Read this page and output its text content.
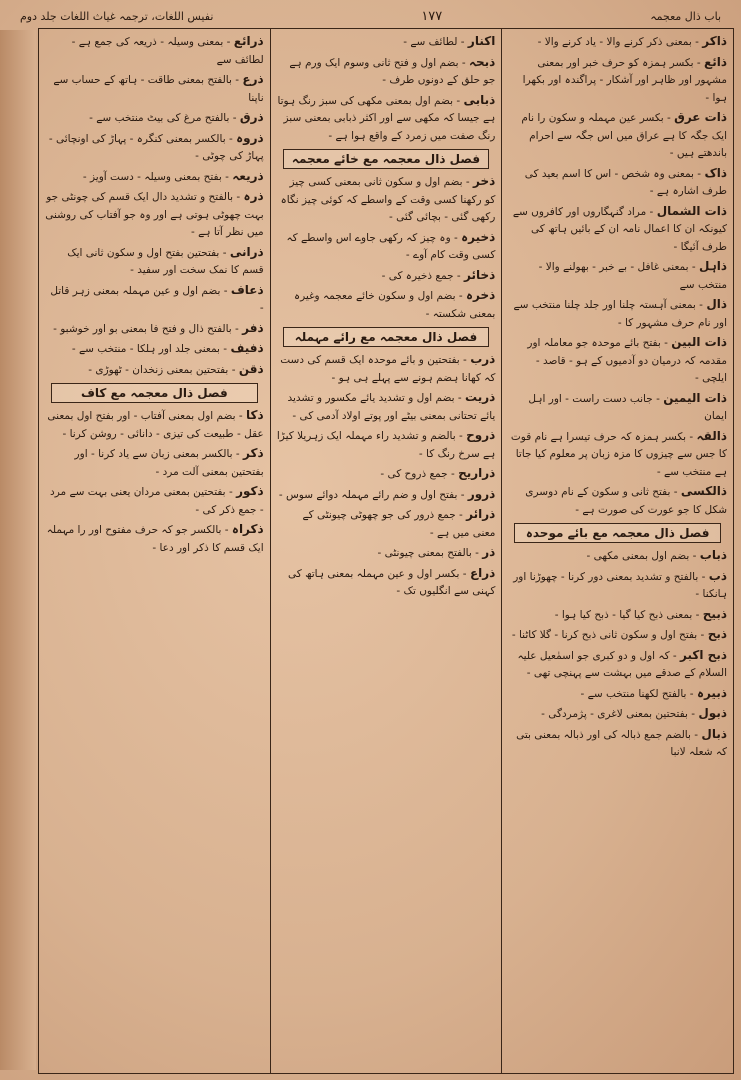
باب ذال معجمہ
۱۷۷
نفیس اللغات، ترجمہ غیاث اللغات جلد دوم
ذاکر - بمعنی ذکر کرنے والا - یاد کرنے والا -
ذائع - بکسر ہمزہ کو حرف خبر اور بمعنی مشہور اور ظاہر اور آشکار - پراگندہ اور بکھرا ہوا -
ذات عرق - بکسر عین مہملہ و سکون را نام ایک جگہ کا ہے عراق میں اس جگہ سے احرام باندھتے ہیں -
ذاک - بمعنی وہ شخص - اس کا اسم بعید کی طرف اشارہ ہے -
ذات الشمال - مراد گنہگاروں اور کافروں سے کیونکہ ان کا اعمال نامہ ان کے بائیں ہاتھ کی طرف آئیگا -
ذاہل - بمعنی غافل - بے خبر - بھولنے والا - منتخب سے
ذال - بمعنی آہستہ چلنا اور جلد چلنا منتخب سے اور نام حرف مشہور کا -
ذات البین - بفتح بائے موحدہ جو معاملہ اور مقدمہ کہ درمیان دو آدمیوں کے ہو - قاصد - ایلچی -
ذات الیمین - جانب دست راست - اور اہل ایمان
ذالقہ - بکسر ہمزہ کہ حرف تیسرا ہے نام قوت کا جس سے چیزوں کا مزہ زبان پر معلوم کیا جاتا ہے منتخب سے -
ذالکسی - بفتح ثانی و سکون کے نام دوسری شکل کا جو عورت کی صورت ہے -
فصل ذال معجمہ مع بائے موحدہ
ذباب - بضم اول بمعنی مکھی -
ذب - بالفتح و تشدید بمعنی دور کرنا - چھوڑنا اور ہانکنا -
ذبیح - بمعنی ذبح کیا گیا - ذبح کیا ہوا -
ذبح - بفتح اول و سکون ثانی ذبح کرنا - گلا کاٹنا -
ذبح اکبر - کہ اول و دو کبری جو اسمٰعیل علیہ السلام کے صدقے میں بہشت سے پہنچی تھی -
ذبیرہ - بالفتح لکھنا منتخب سے -
ذبول - بفتحتین بمعنی لاغری - پژمردگی -
ذبال - بالضم جمع ذبالہ کی اور ذبالہ بمعنی بتی کہ شعلہ لانبا
اکنار - لطائف سے -
ذبحہ - بضم اول و فتح ثانی وسوم ایک ورم ہے جو حلق کے دونوں طرف -
ذبابی - بضم اول بمعنی مکھی کی سبز رنگ ہوتا ہے جیسا کہ مکھی سے اور اکثر ذبابی بمعنی سبز رنگ صفت میں زمرد کے واقع ہوا ہے -
فصل ذال معجمہ مع خائے معجمہ
ذخر - بضم اول و سکون ثانی بمعنی کسی چیز کو رکھنا کسی وقت کے واسطے کہ کوئی چیز نگاہ رکھی گئی - بچائی گئی -
ذخیرہ - وہ چیز کہ رکھی جاوے اس واسطے کہ کسی وقت کام آوے -
ذخائر - جمع ذخیرہ کی -
ذخرہ - بضم اول و سکون خائے معجمہ وغیرہ بمعنی شکستہ -
فصل ذال معجمہ مع رائے مہملہ
ذرب - بفتحتین و بائے موحدہ ایک قسم کی دست کہ کھانا ہضم ہونے سے پہلے ہی ہو -
ذریت - بضم اول و تشدید یائے مکسور و تشدید یائے تحتانی بمعنی بیٹے اور پوتے اولاد آدمی کی -
ذروح - بالضم و تشدید راء مہملہ ایک زہریلا کیڑا ہے سرخ رنگ کا -
ذراریح - جمع ذروح کی -
ذرور - بفتح اول و ضم رائے مہملہ دوائے سوس -
ذرائر - جمع ذرور کی جو چھوٹی چیونٹی کے معنی میں ہے -
ذر - بالفتح بمعنی چیونٹی -
ذراع - بکسر اول و عین مہملہ بمعنی ہاتھ کی کہنی سے انگلیوں تک -
ذرائع - بمعنی وسیلہ - ذریعہ کی جمع ہے - لطائف سے
ذرع - بالفتح بمعنی طاقت - ہاتھ کے حساب سے ناپنا
ذرق - بالفتح مرغ کی بیٹ منتخب سے -
ذروہ - بالکسر بمعنی کنگرہ - پہاڑ کی اونچائی - پہاڑ کی چوٹی -
ذریعہ - بفتح بمعنی وسیلہ - دست آویز -
ذرہ - بالفتح و تشدید دال ایک قسم کی چونٹی جو بہت چھوٹی ہوتی ہے اور وہ جو آفتاب کی روشنی میں نظر آتا ہے -
ذرانی - بفتحتین بفتح اول و سکون ثانی ایک قسم کا نمک سخت اور سفید -
ذعاف - بضم اول و عین مہملہ بمعنی زہر قاتل -
ذفر - بالفتح ذال و فتح فا بمعنی بو اور خوشبو -
ذفیف - بمعنی جلد اور ہلکا - منتخب سے -
ذقن - بفتحتین بمعنی زنخدان - ٹھوڑی -
فصل ذال معجمہ مع کاف
ذکا - بضم اول بمعنی آفتاب - اور بفتح اول بمعنی عقل - طبیعت کی تیزی - دانائی - روشن کرنا -
ذکر - بالکسر بمعنی زبان سے یاد کرنا - اور بفتحتین بمعنی آلت مرد -
ذکور - بفتحتین بمعنی مردان یعنی بہت سے مرد - جمع ذکر کی -
ذکراہ - بالکسر جو کہ حرف مفتوح اور را مہملہ ایک قسم کا ذکر اور دعا -
